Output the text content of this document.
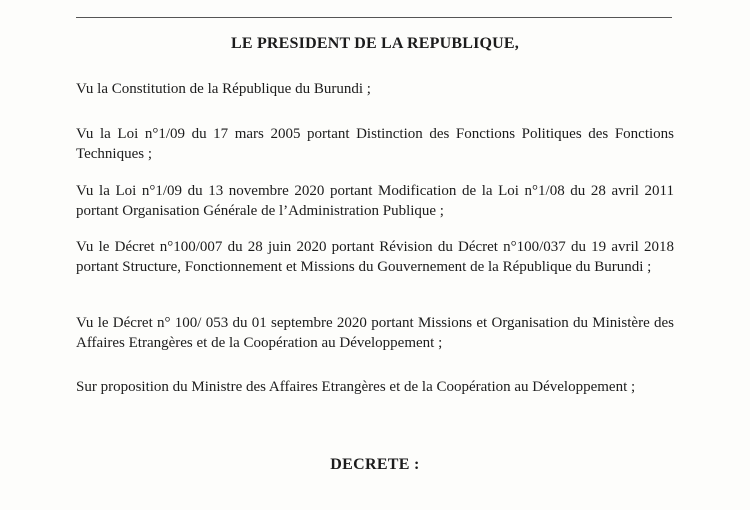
LE PRESIDENT DE LA REPUBLIQUE,
Vu la Constitution de la République du Burundi ;
Vu la Loi n°1/09 du 17 mars 2005 portant Distinction des Fonctions Politiques des Fonctions Techniques ;
Vu la Loi n°1/09 du 13 novembre 2020 portant Modification de la Loi n°1/08 du 28 avril 2011 portant Organisation Générale de l’Administration Publique ;
Vu le Décret n°100/007 du 28 juin 2020 portant Révision du Décret n°100/037 du 19 avril 2018 portant Structure, Fonctionnement et Missions du Gouvernement de la République du Burundi ;
Vu le Décret n° 100/ 053 du 01 septembre 2020 portant Missions et Organisation du Ministère des Affaires Etrangères et de la Coopération au Développement ;
Sur proposition du Ministre des Affaires Etrangères et de la Coopération au Développement ;
DECRETE :
